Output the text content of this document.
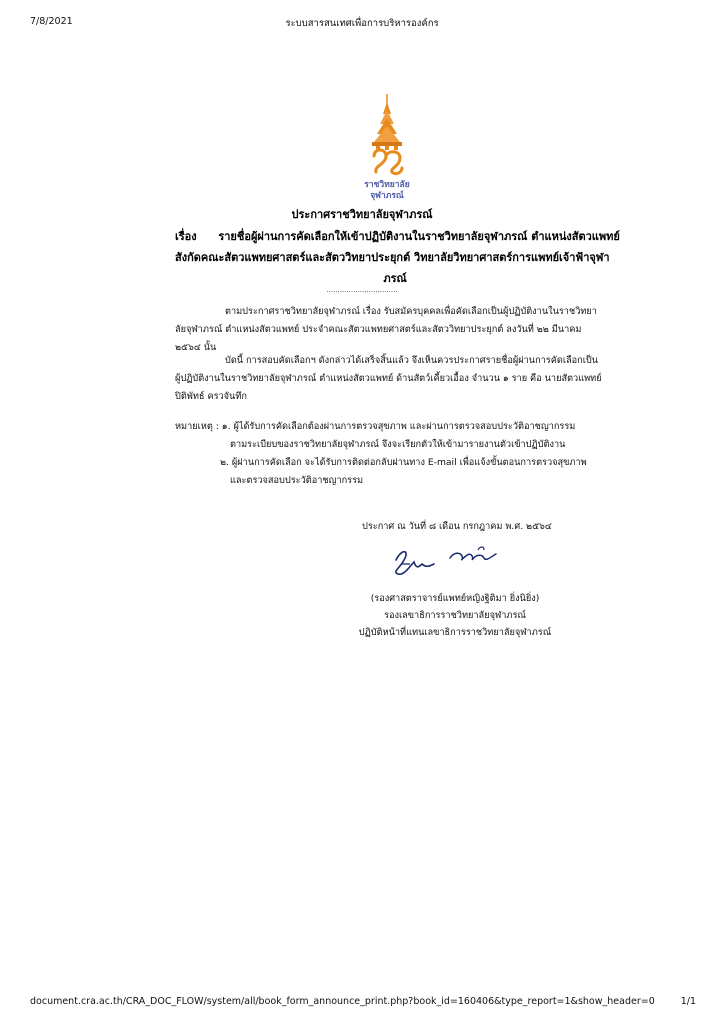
7/8/2021	ระบบสารสนเทศเพื่อการบริหารองค์กร
ราชวิทยาลัย
จุฬาภรณ์
ประกาศราชวิทยาลัยจุฬาภรณ์
เรื่อง รายชื่อผู้ผ่านการคัดเลือกให้เข้าปฏิบัติงานในราชวิทยาลัยจุฬาภรณ์ ตำแหน่งสัตวแพทย์
สังกัดคณะสัตวแพทยศาสตร์และสัตววิทยาประยุกต์ วิทยาลัยวิทยาศาสตร์การแพทย์เจ้าฟ้าจุฬา
ภรณ์
................................
ตามประกาศราชวิทยาลัยจุฬาภรณ์ เรื่อง รับสมัครบุคคลเพื่อคัดเลือกเป็นผู้ปฏิบัติงานในราชวิทยา
ลัยจุฬาภรณ์ ตำแหน่งสัตวแพทย์ ประจำคณะสัตวแพทยศาสตร์และสัตววิทยาประยุกต์ ลงวันที่ ๒๒ มีนาคม
๒๕๖๔ นั้น
บัดนี้ การสอบคัดเลือกฯ ดังกล่าวได้เสร็จสิ้นแล้ว จึงเห็นควรประกาศรายชื่อผู้ผ่านการคัดเลือกเป็น
ผู้ปฏิบัติงานในราชวิทยาลัยจุฬาภรณ์ ตำแหน่งสัตวแพทย์ ด้านสัตว์เคี้ยวเอื้อง จำนวน ๑ ราย คือ นายสัตวแพทย์
ปิติพัทธ์ ครวจันทึก
หมายเหตุ : ๑. ผู้ได้รับการคัดเลือกต้องผ่านการตรวจสุขภาพ และผ่านการตรวจสอบประวัติอาชญากรรม
ตามระเบียบของราชวิทยาลัยจุฬาภรณ์ จึงจะเรียกตัวให้เข้ามารายงานตัวเข้าปฏิบัติงาน
๒. ผู้ผ่านการคัดเลือก จะได้รับการติดต่อกลับผ่านทาง E-mail เพื่อแจ้งขั้นตอนการตรวจสุขภาพ
และตรวจสอบประวัติอาชญากรรม
ประกาศ ณ วันที่ ๘ เดือน กรกฎาคม พ.ศ. ๒๕๖๔
(รองศาสตราจารย์แพทย์หญิงฐิติมา ยิ่งนิยิ่ง)
รองเลขาธิการราชวิทยาลัยจุฬาภรณ์
ปฏิบัติหน้าที่แทนเลขาธิการราชวิทยาลัยจุฬาภรณ์
document.cra.ac.th/CRA_DOC_FLOW/system/all/book_form_announce_print.php?book_id=160406&type_report=1&show_header=0	1/1
